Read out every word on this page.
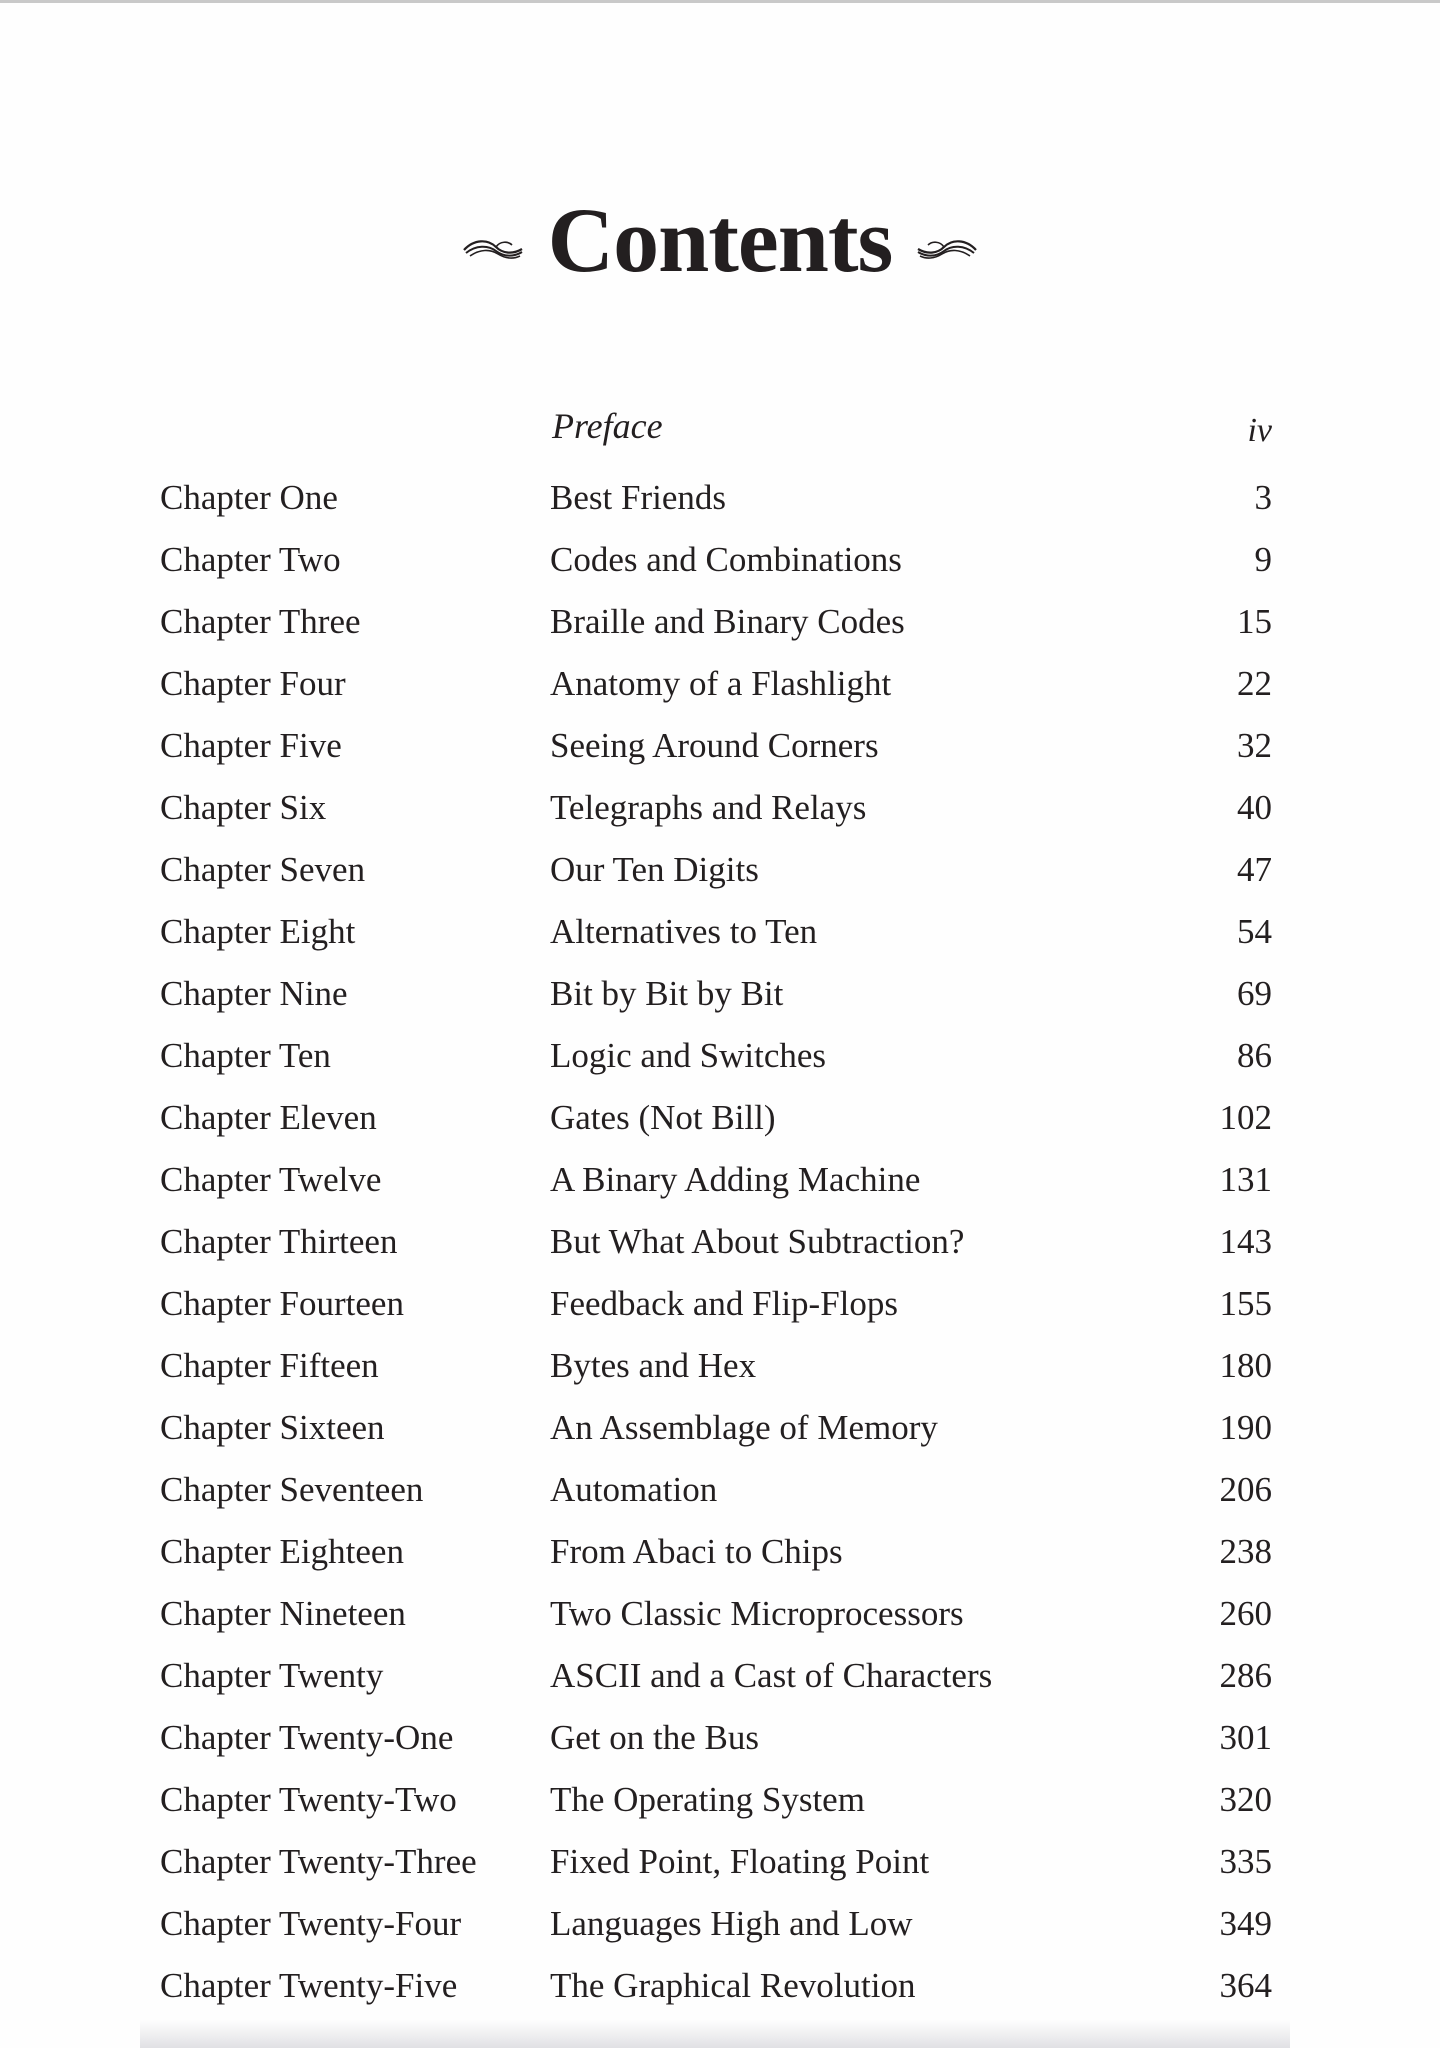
Contents
Preface	iv
Chapter One	Best Friends	3
Chapter Two	Codes and Combinations	9
Chapter Three	Braille and Binary Codes	15
Chapter Four	Anatomy of a Flashlight	22
Chapter Five	Seeing Around Corners	32
Chapter Six	Telegraphs and Relays	40
Chapter Seven	Our Ten Digits	47
Chapter Eight	Alternatives to Ten	54
Chapter Nine	Bit by Bit by Bit	69
Chapter Ten	Logic and Switches	86
Chapter Eleven	Gates (Not Bill)	102
Chapter Twelve	A Binary Adding Machine	131
Chapter Thirteen	But What About Subtraction?	143
Chapter Fourteen	Feedback and Flip-Flops	155
Chapter Fifteen	Bytes and Hex	180
Chapter Sixteen	An Assemblage of Memory	190
Chapter Seventeen	Automation	206
Chapter Eighteen	From Abaci to Chips	238
Chapter Nineteen	Two Classic Microprocessors	260
Chapter Twenty	ASCII and a Cast of Characters	286
Chapter Twenty-One	Get on the Bus	301
Chapter Twenty-Two	The Operating System	320
Chapter Twenty-Three Fixed Point, Floating Point	335
Chapter Twenty-Four	Languages High and Low	349
Chapter Twenty-Five	The Graphical Revolution	364
